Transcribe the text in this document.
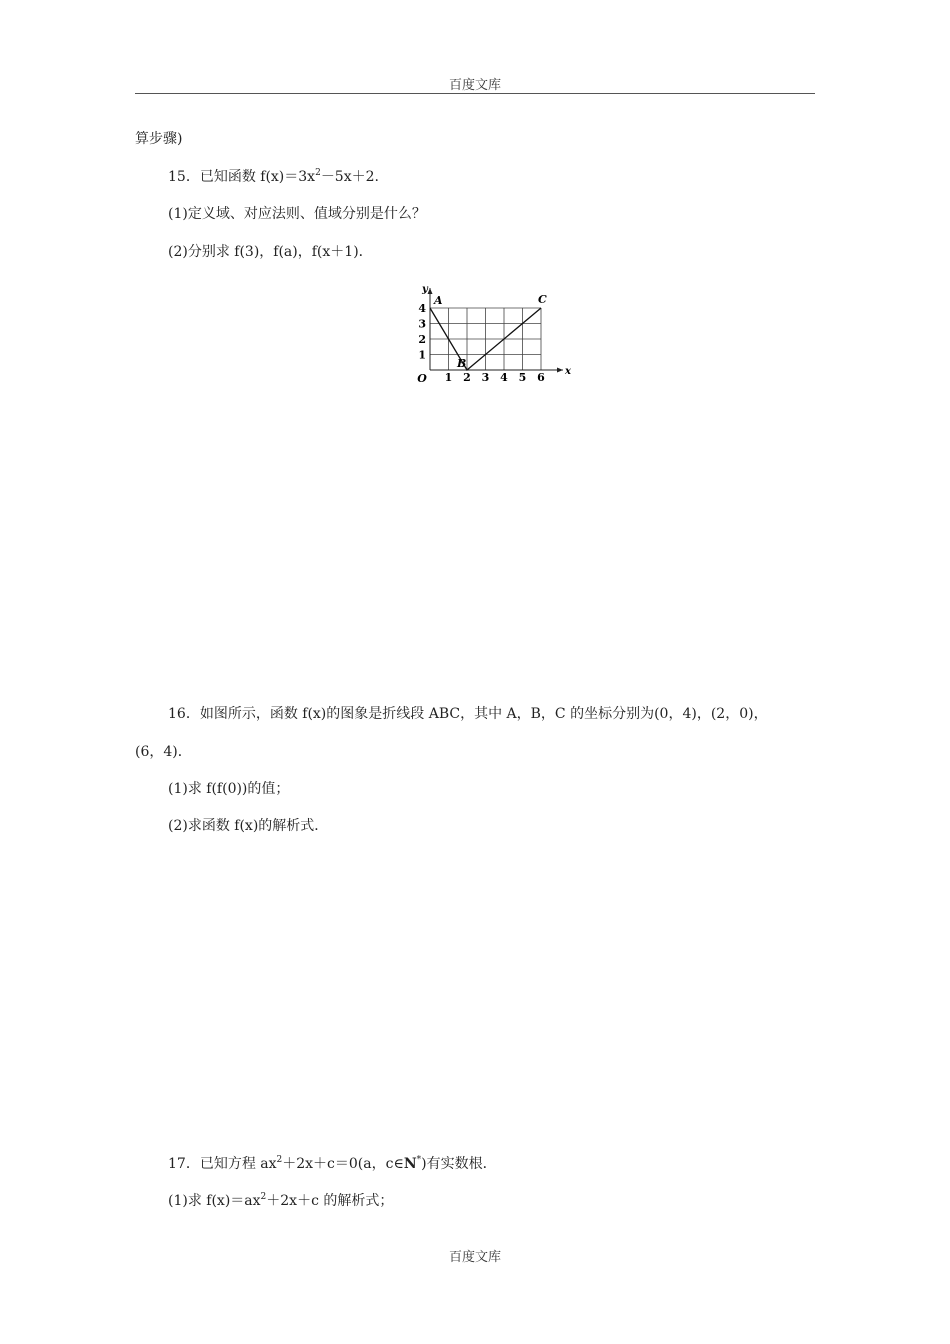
百度文库
算步骤)
15．已知函数 $f(x)=3x^2-5x+2$.
(1)定义域、对应法则、值域分别是什么？
(2)分别求 f(3)，f(a)，f(x＋1)．
1 2 3 4 5 6
1
2
3
4
O
x
y
A
B
C
16．如图所示，函数 f(x)的图象是折线段 ABC，其中 A，B，C 的坐标分别为(0，4)，(2，0)，
(6，4)．
(1)求 f(f(0))的值；
(2)求函数 f(x)的解析式．
17．已知方程 $ax^2+2x+c=0(a$，c∈N*)有实数根．
(1)求 $f(x)=ax^2+2x+c$ 的解析式；
百度文库
